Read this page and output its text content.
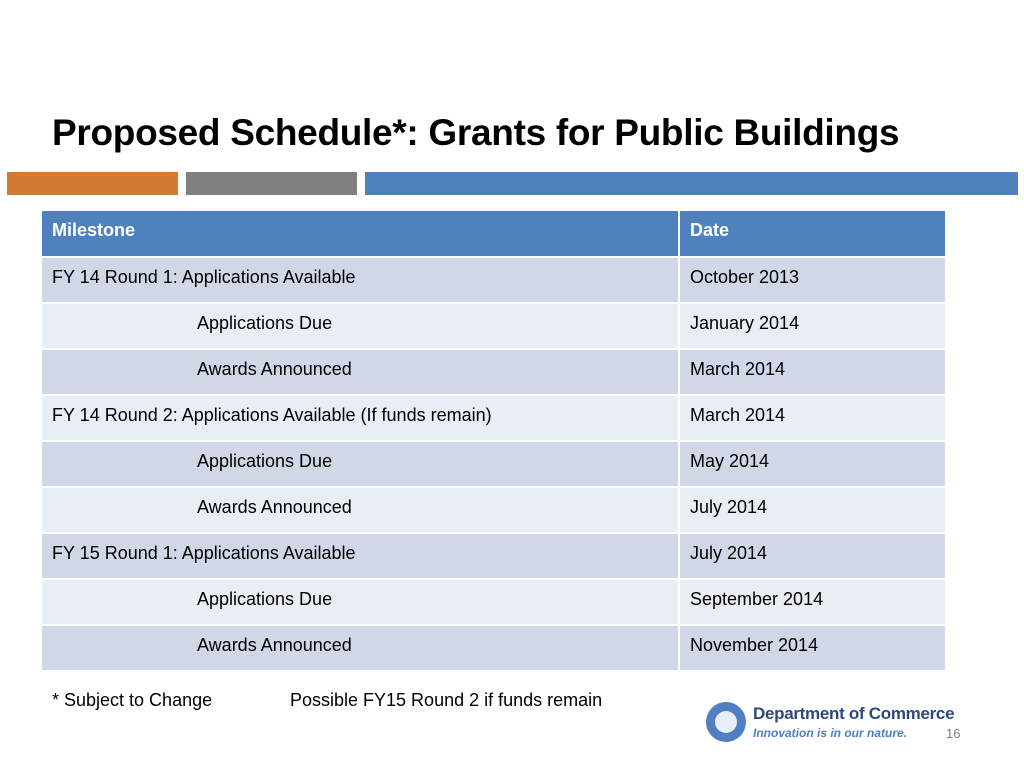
Proposed Schedule*: Grants for Public Buildings
Milestone	Date
FY 14 Round 1: Applications Available	October 2013
Applications Due	January 2014
Awards Announced	March 2014
FY 14 Round 2: Applications Available (If funds remain)	March 2014
Applications Due	May 2014
Awards Announced	July 2014
FY 15 Round 1: Applications Available	July 2014
Applications Due	September 2014
Awards Announced	November 2014
* Subject to Change	Possible FY15 Round 2 if funds remain
Department of Commerce
Innovation is in our nature.	16
